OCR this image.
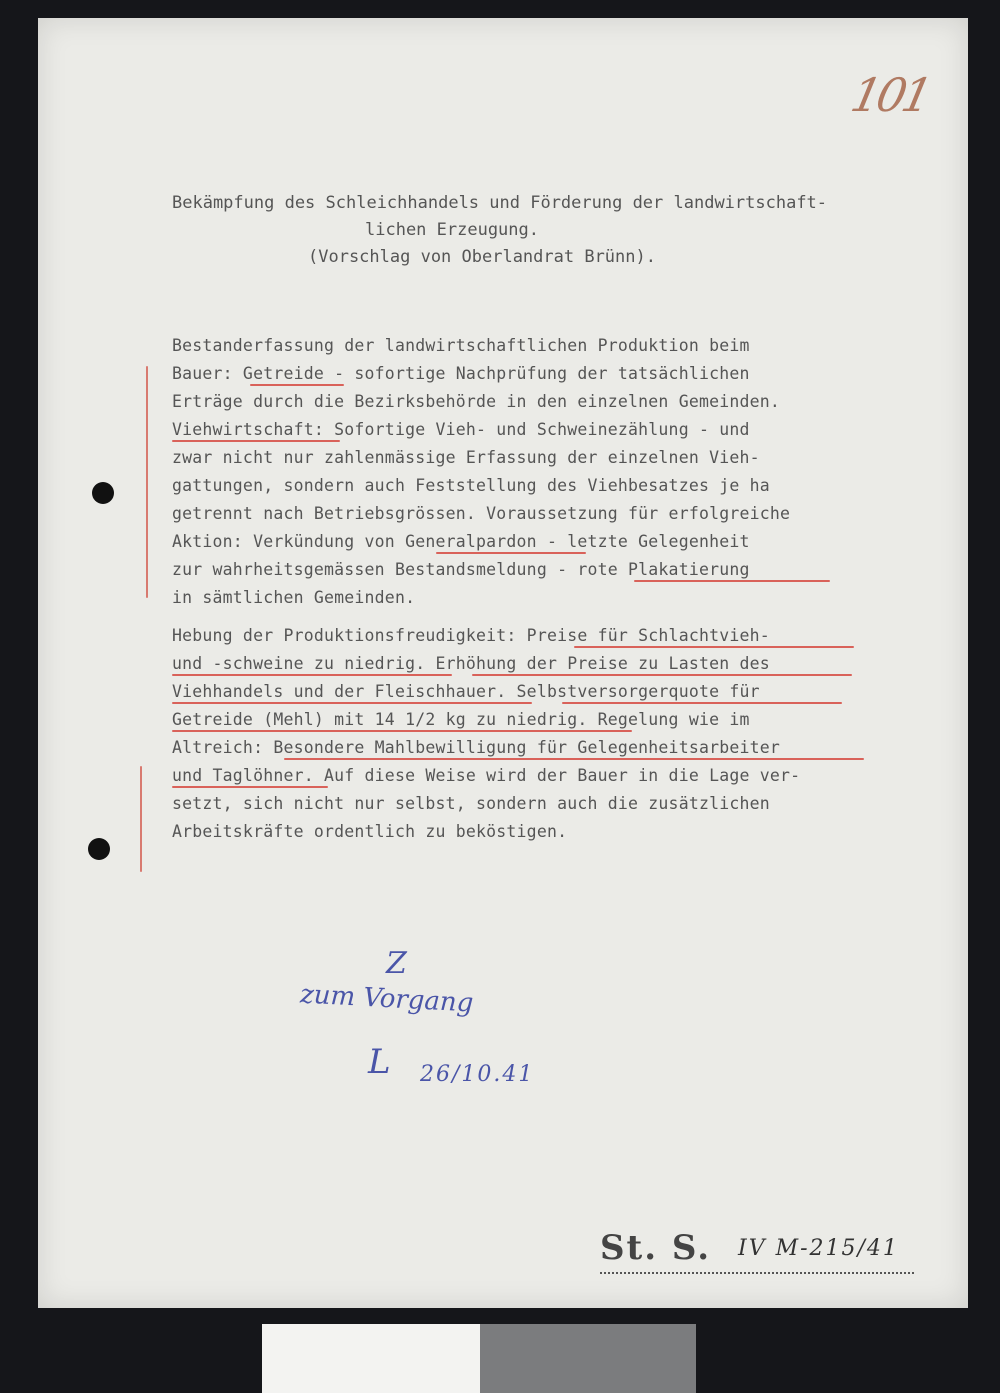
101
Bekämpfung des Schleichhandels und Förderung der landwirtschaft-
lichen Erzeugung.
(Vorschlag von Oberlandrat Brünn).
Bestanderfassung der landwirtschaftlichen Produktion beim
Bauer: Getreide - sofortige Nachprüfung der tatsächlichen
Erträge durch die Bezirksbehörde in den einzelnen Gemeinden.
Viehwirtschaft: Sofortige Vieh- und Schweinezählung - und
zwar nicht nur zahlenmässige Erfassung der einzelnen Vieh-
gattungen, sondern auch Feststellung des Viehbesatzes je ha
getrennt nach Betriebsgrössen. Voraussetzung für erfolgreiche
Aktion: Verkündung von Generalpardon - letzte Gelegenheit
zur wahrheitsgemässen Bestandsmeldung - rote Plakatierung
in sämtlichen Gemeinden.
Hebung der Produktionsfreudigkeit: Preise für Schlachtvieh-
und -schweine zu niedrig. Erhöhung der Preise zu Lasten des
Viehhandels und der Fleischhauer. Selbstversorgerquote für
Getreide (Mehl) mit 14 1/2 kg zu niedrig. Regelung wie im
Altreich: Besondere Mahlbewilligung für Gelegenheitsarbeiter
und Taglöhner. Auf diese Weise wird der Bauer in die Lage ver-
setzt, sich nicht nur selbst, sondern auch die zusätzlichen
Arbeitskräfte ordentlich zu beköstigen.
Z
zum Vorgang
L 26/10.41
St. S. IV M-215/41
